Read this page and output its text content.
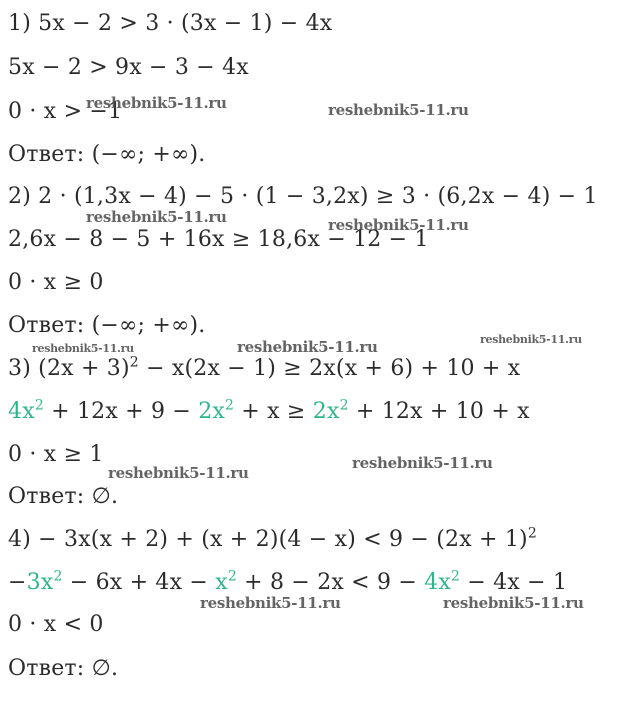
1) 5x − 2 > 3 · (3x − 1) − 4x
5x − 2 > 9x − 3 − 4x
0 · x > −1
Ответ: (−∞; +∞).
2) 2 · (1,3x − 4) − 5 · (1 − 3,2x) ≥ 3 · (6,2x − 4) − 1
2,6x − 8 − 5 + 16x ≥ 18,6x − 12 − 1
0 · x ≥ 0
Ответ: (−∞; +∞).
3) $(2x + 3)^2 - x(2x - 1) \ge 2x(x + 6) + 10 + x$
$4x^2 + 12x + 9 - 2x^2 + x \ge 2x^2 + 12x + 10 + x$
0 · x ≥ 1
Ответ: ∅.
$4) - 3x(x + 2) + (x + 2)(4 - x) < 9 - (2x + 1)^2$
$-3x^2 - 6x + 4x - x^2 + 8 - 2x < 9 - 4x^2 - 4x - 1$
0 · x < 0
Ответ: ∅.
reshebnik5-11.ru	reshebnik5-11.ru
reshebnik5-11.ru	reshebnik5-11.ru
reshebnik5-11.ru	reshebnik5-11.ru	reshebnik5-11.ru
reshebnik5-11.ru
reshebnik5-11.ru
reshebnik5-11.ru	reshebnik5-11.ru
